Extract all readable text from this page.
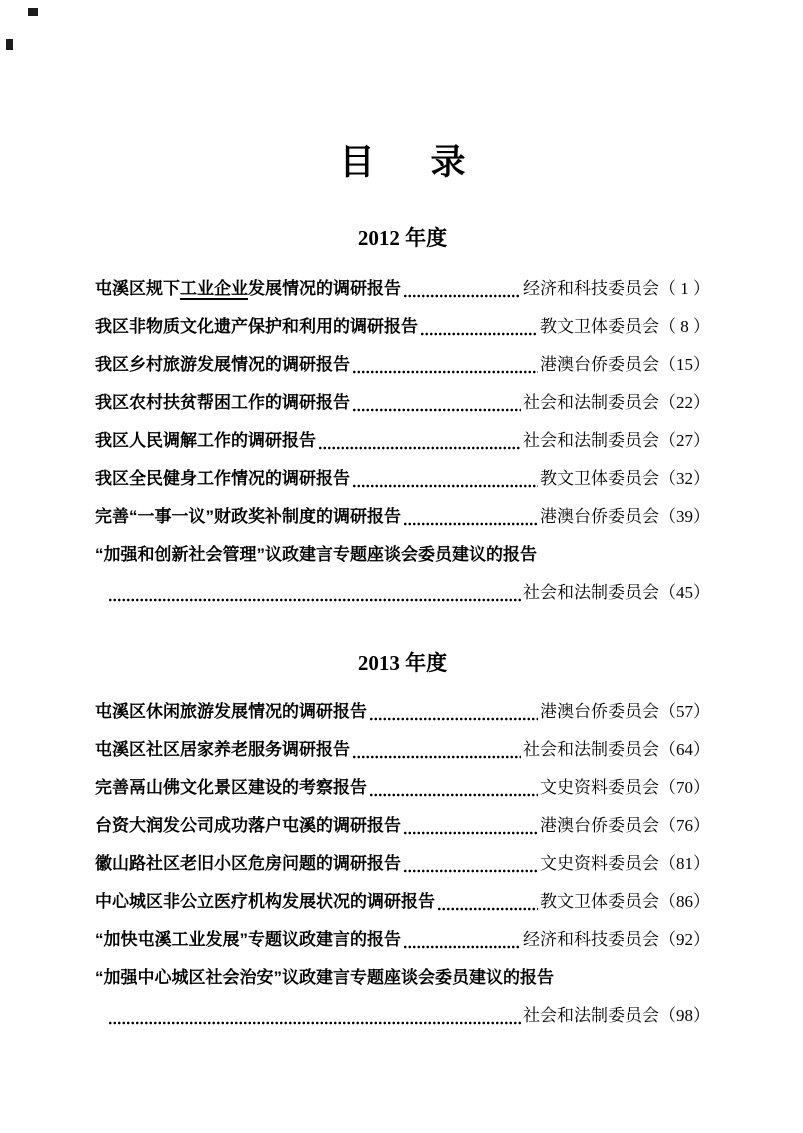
目 录
2012 年度
屯溪区规下工业企业发展情况的调研报告	经济和科技委员会（ 1 ）
我区非物质文化遗产保护和利用的调研报告	教文卫体委员会（ 8 ）
我区乡村旅游发展情况的调研报告	港澳台侨委员会（15）
我区农村扶贫帮困工作的调研报告	社会和法制委员会（22）
我区人民调解工作的调研报告	社会和法制委员会（27）
我区全民健身工作情况的调研报告	教文卫体委员会（32）
完善“一事一议”财政奖补制度的调研报告	港澳台侨委员会（39）
“加强和创新社会管理”议政建言专题座谈会委员建议的报告
社会和法制委员会（45）
2013 年度
屯溪区休闲旅游发展情况的调研报告	港澳台侨委员会（57）
屯溪区社区居家养老服务调研报告	社会和法制委员会（64）
完善鬲山佛文化景区建设的考察报告	文史资料委员会（70）
台资大润发公司成功落户屯溪的调研报告	港澳台侨委员会（76）
徽山路社区老旧小区危房问题的调研报告	文史资料委员会（81）
中心城区非公立医疗机构发展状况的调研报告	教文卫体委员会（86）
“加快屯溪工业发展”专题议政建言的报告	经济和科技委员会（92）
“加强中心城区社会治安”议政建言专题座谈会委员建议的报告
社会和法制委员会（98）
